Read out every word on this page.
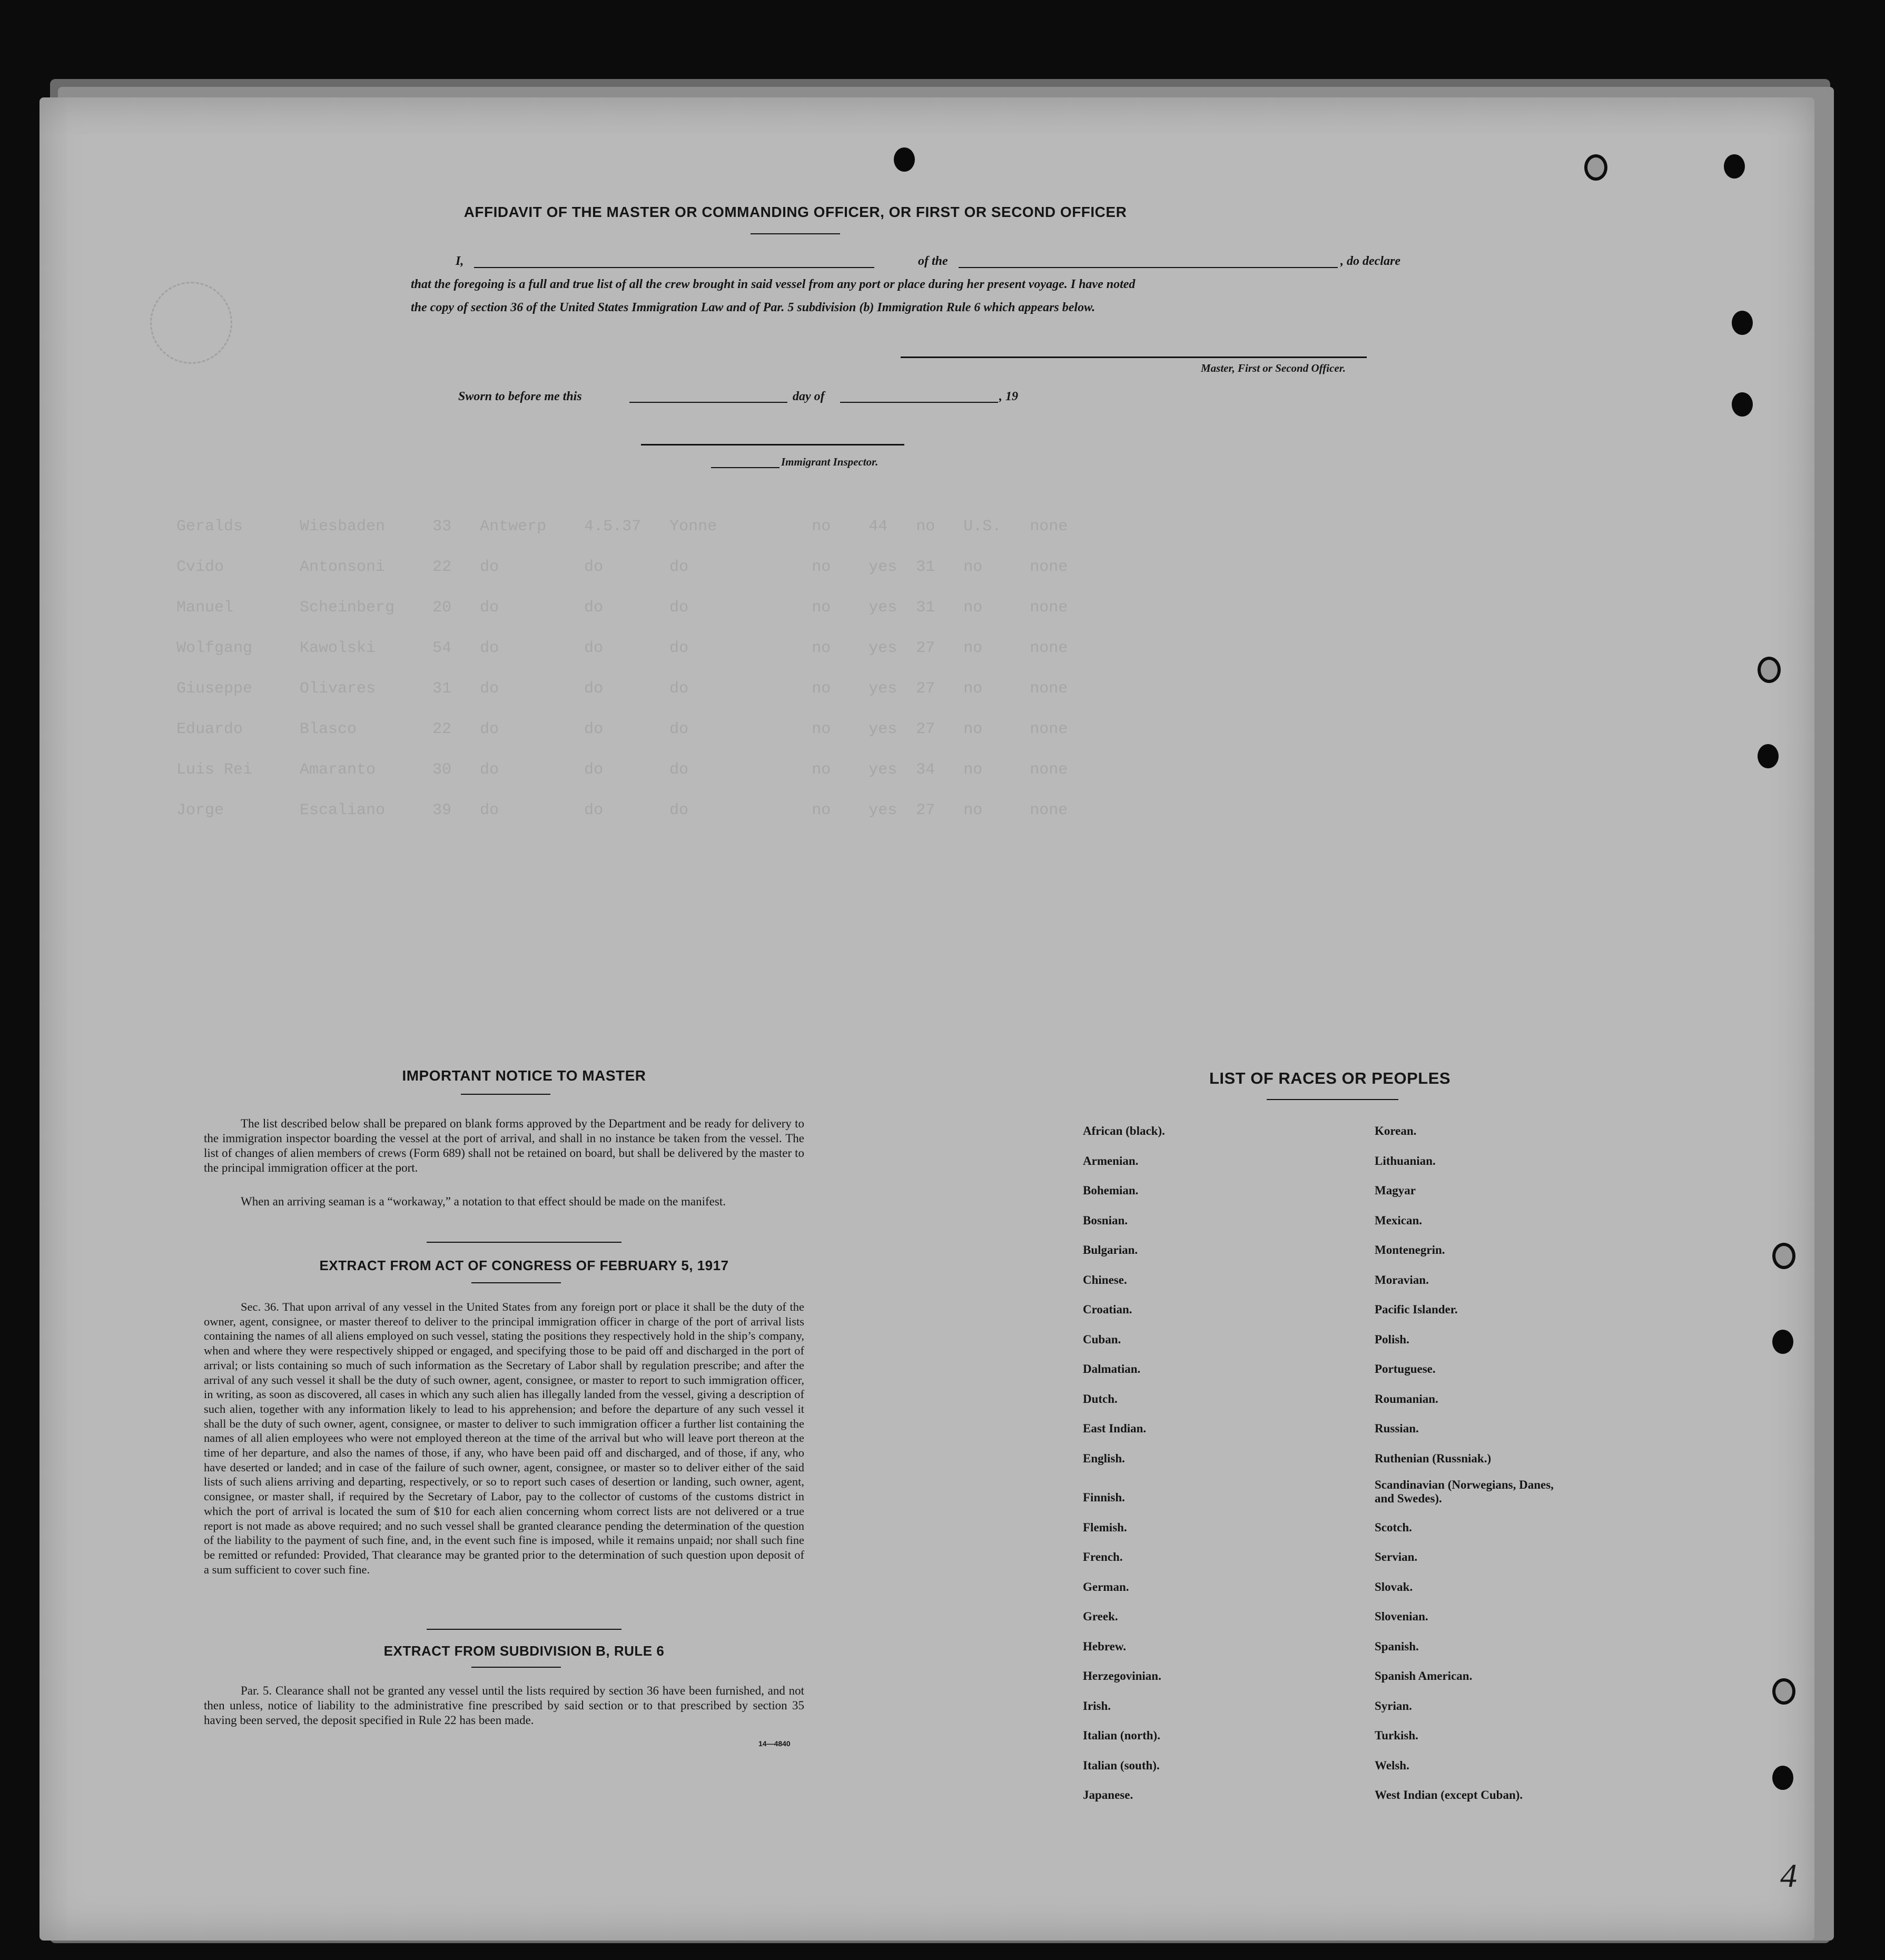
Geralds      Wiesbaden     33   Antwerp    4.5.37   Yonne          no    44   no   U.S.   none
Cvido        Antonsoni     22   do         do       do             no    yes  31   no     none
Manuel       Scheinberg    20   do         do       do             no    yes  31   no     none
Wolfgang     Kawolski      54   do         do       do             no    yes  27   no     none
Giuseppe     Olivares      31   do         do       do             no    yes  27   no     none
Eduardo      Blasco        22   do         do       do             no    yes  27   no     none
Luis Rei     Amaranto      30   do         do       do             no    yes  34   no     none
Jorge        Escaliano     39   do         do       do             no    yes  27   no     none

AFFIDAVIT OF THE MASTER OR COMMANDING OFFICER, OR FIRST OR SECOND OFFICER
I,	of the	, do declare
that the foregoing is a full and true list of all the crew brought in said vessel from any port or place during her present voyage. I have noted
the copy of section 36 of the United States Immigration Law and of Par. 5 subdivision (b) Immigration Rule 6 which appears below.
Master, First or Second Officer.
Sworn to before me this	day of	, 19
Immigrant Inspector.
IMPORTANT NOTICE TO MASTER
The list described below shall be prepared on blank forms approved by the Department and be ready for delivery to the immigration inspector boarding the vessel at the port of arrival, and shall in no instance be taken from the vessel. The list of changes of alien members of crews (Form 689) shall not be retained on board, but shall be delivered by the master to the principal immigration officer at the port.
When an arriving seaman is a “workaway,” a notation to that effect should be made on the manifest.
EXTRACT FROM ACT OF CONGRESS OF FEBRUARY 5, 1917
Sec. 36. That upon arrival of any vessel in the United States from any foreign port or place it shall be the duty of the owner, agent, consignee, or master thereof to deliver to the principal immigration officer in charge of the port of arrival lists containing the names of all aliens employed on such vessel, stating the positions they respectively hold in the ship’s company, when and where they were respectively shipped or engaged, and specifying those to be paid off and discharged in the port of arrival; or lists containing so much of such information as the Secretary of Labor shall by regulation prescribe; and after the arrival of any such vessel it shall be the duty of such owner, agent, consignee, or master to report to such immigration officer, in writing, as soon as discovered, all cases in which any such alien has illegally landed from the vessel, giving a description of such alien, together with any information likely to lead to his apprehension; and before the departure of any such vessel it shall be the duty of such owner, agent, consignee, or master to deliver to such immigration officer a further list containing the names of all alien employees who were not employed thereon at the time of the arrival but who will leave port thereon at the time of her departure, and also the names of those, if any, who have been paid off and discharged, and of those, if any, who have deserted or landed; and in case of the failure of such owner, agent, consignee, or master so to deliver either of the said lists of such aliens arriving and departing, respectively, or so to report such cases of desertion or landing, such owner, agent, consignee, or master shall, if required by the Secretary of Labor, pay to the collector of customs of the customs district in which the port of arrival is located the sum of $10 for each alien concerning whom correct lists are not delivered or a true report is not made as above required; and no such vessel shall be granted clearance pending the determination of the question of the liability to the payment of such fine, and, in the event such fine is imposed, while it remains unpaid; nor shall such fine be remitted or refunded: Provided, That clearance may be granted prior to the determination of such question upon deposit of a sum sufficient to cover such fine.
EXTRACT FROM SUBDIVISION B, RULE 6
Par. 5. Clearance shall not be granted any vessel until the lists required by section 36 have been furnished, and not then unless, notice of liability to the administrative fine prescribed by said section or to that prescribed by section 35 having been served, the deposit specified in Rule 22 has been made.
14—4840
LIST OF RACES OR PEOPLES
African (black).
Armenian.
Bohemian.
Bosnian.
Bulgarian.
Chinese.
Croatian.
Cuban.
Dalmatian.
Dutch.
East Indian.
English.
Finnish.
Flemish.
French.
German.
Greek.
Hebrew.
Herzegovinian.
Irish.
Italian (north).
Italian (south).
Japanese.
Korean.
Lithuanian.
Magyar
Mexican.
Montenegrin.
Moravian.
Pacific Islander.
Polish.
Portuguese.
Roumanian.
Russian.
Ruthenian (Russniak.)
Scandinavian (Norwegians, Danes, and Swedes).
Scotch.
Servian.
Slovak.
Slovenian.
Spanish.
Spanish American.
Syrian.
Turkish.
Welsh.
West Indian (except Cuban).
4
